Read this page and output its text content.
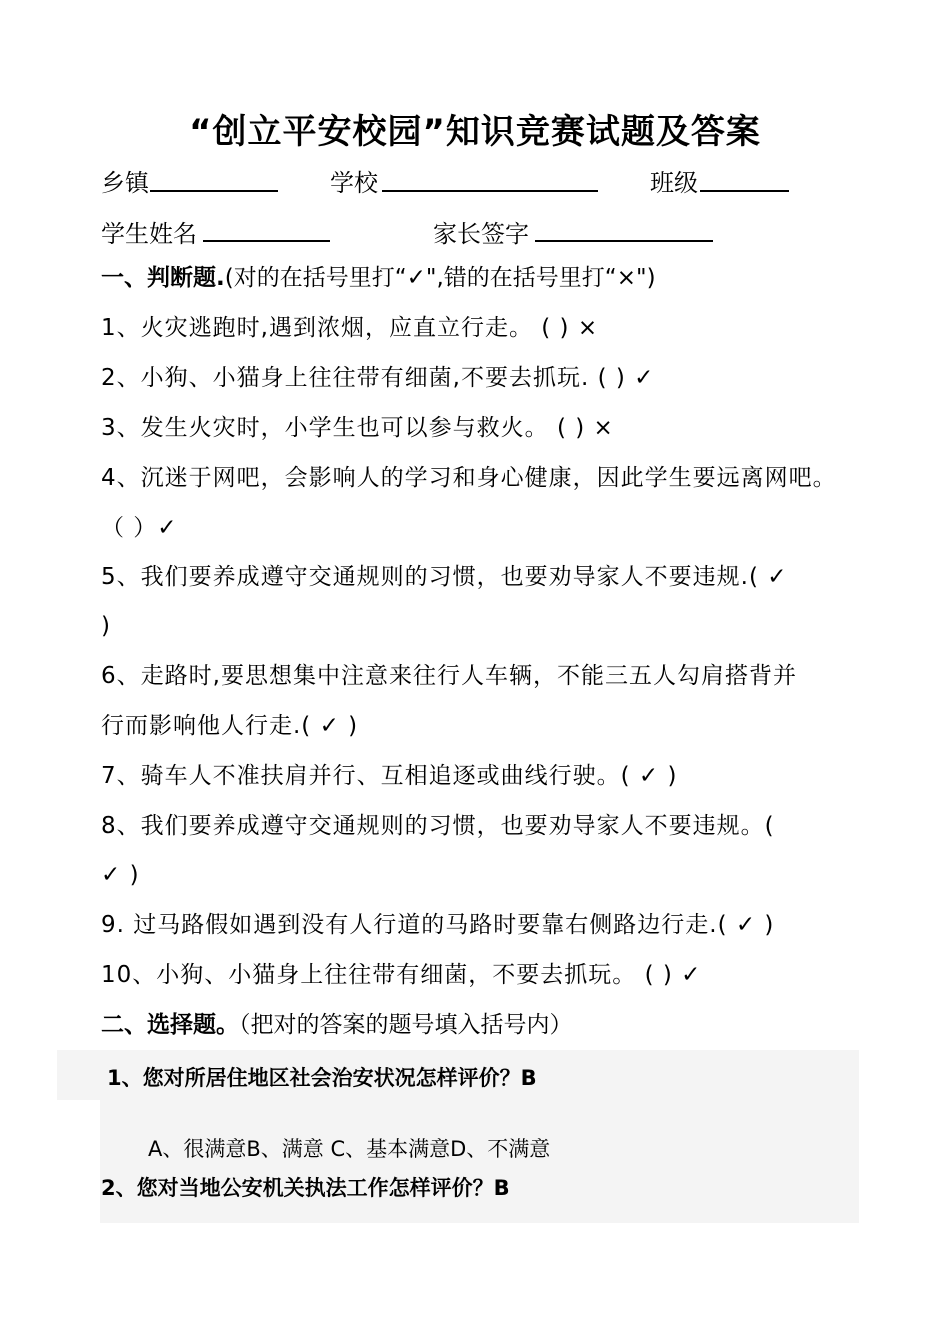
“创立平安校园”知识竞赛试题及答案
乡镇	学校	班级
学生姓名	家长签字
一、判断题.(对的在括号里打“✓",错的在括号里打“×")
1、火灾逃跑时,遇到浓烟，应直立行走。 ( ) ×
2、小狗、小猫身上往往带有细菌,不要去抓玩. ( ) ✓
3、发生火灾时，小学生也可以参与救火。 ( ) ×
4、沉迷于网吧，会影响人的学习和身心健康，因此学生要远离网吧。
（ ）✓
5、我们要养成遵守交通规则的习惯，也要劝导家人不要违规.( ✓
)
6、走路时,要思想集中注意来往行人车辆，不能三五人勾肩搭背并
行而影响他人行走.( ✓ )
7、骑车人不准扶肩并行、互相追逐或曲线行驶。( ✓ )
8、我们要养成遵守交通规则的习惯，也要劝导家人不要违规。(
✓ )
9. 过马路假如遇到没有人行道的马路时要靠右侧路边行走.( ✓ )
10、小狗、小猫身上往往带有细菌，不要去抓玩。 ( ) ✓
二、选择题。（把对的答案的题号填入括号内）
1、您对所居住地区社会治安状况怎样评价？B
A、很满意B、满意 C、基本满意D、不满意
2、您对当地公安机关执法工作怎样评价？B
